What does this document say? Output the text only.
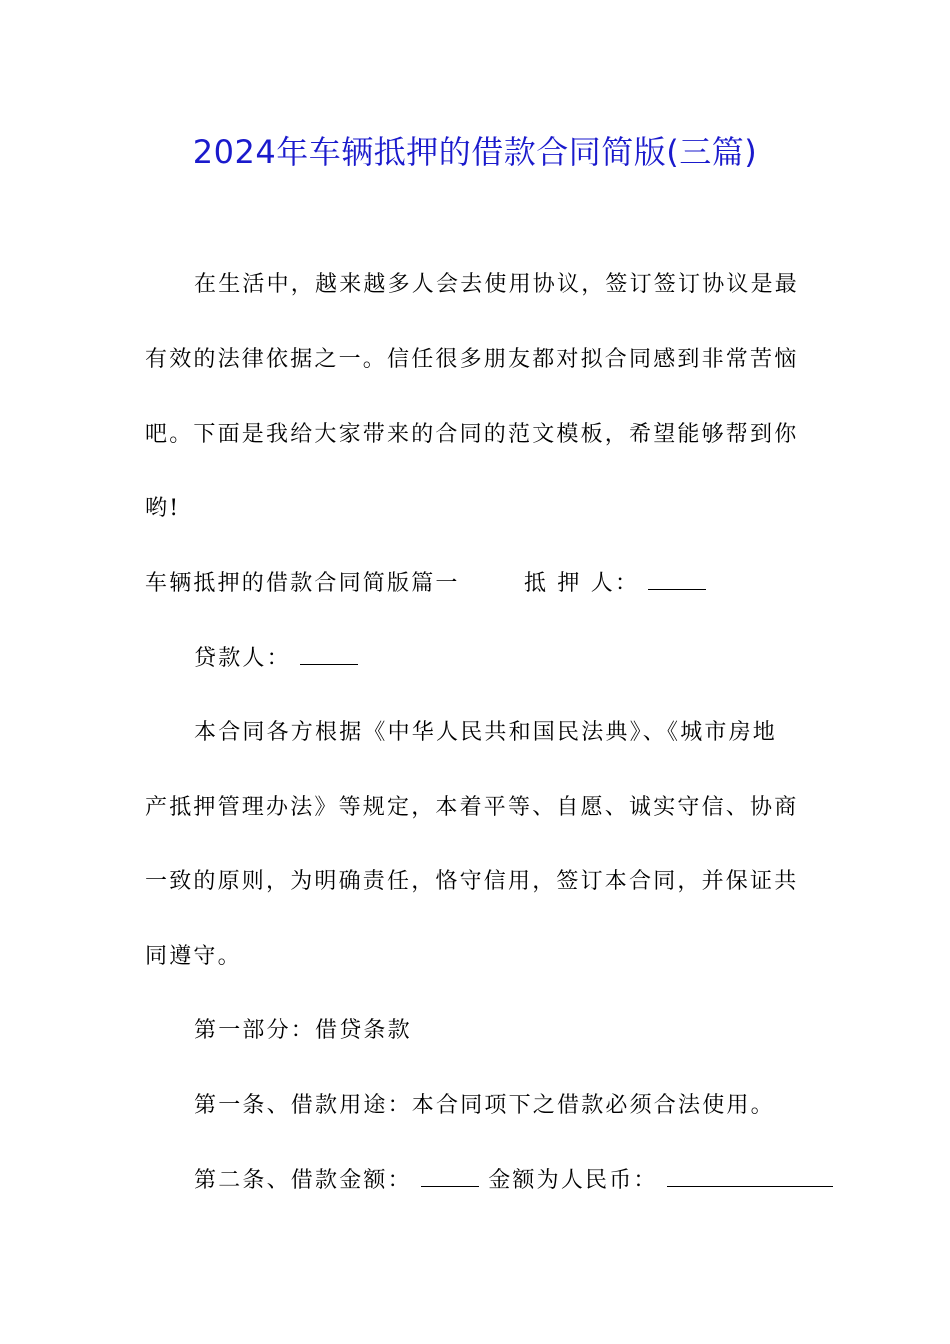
2024年车辆抵押的借款合同简版(三篇)
在生活中，越来越多人会去使用协议，签订签订协议是最
有效的法律依据之一。信任很多朋友都对拟合同感到非常苦恼
吧。下面是我给大家带来的合同的范文模板，希望能够帮到你
哟!
车辆抵押的借款合同简版篇一	抵 押 人：
贷款人：
本合同各方根据《中华人民共和国民法典》、《城市房地
产抵押管理办法》等规定，本着平等、自愿、诚实守信、协商
一致的原则，为明确责任，恪守信用，签订本合同，并保证共
同遵守。
第一部分：借贷条款
第一条、借款用途：本合同项下之借款必须合法使用。
第二条、借款金额：	金额为人民币：
